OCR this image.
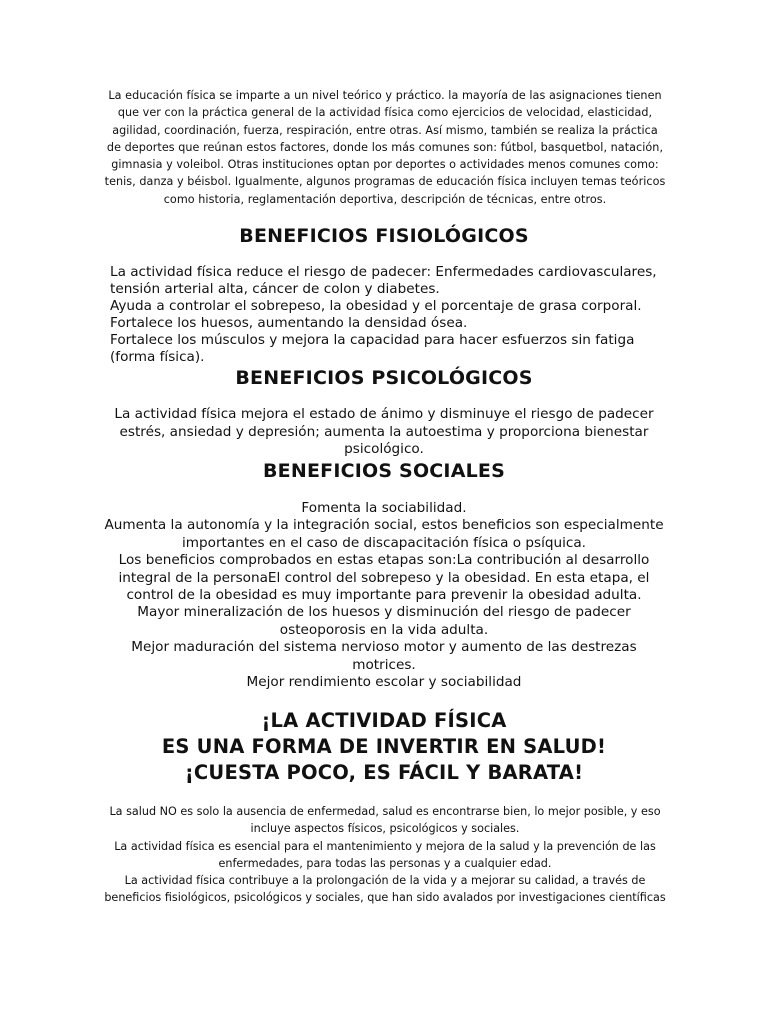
La educación física se imparte a un nivel teórico y práctico. la mayoría de las asignaciones tienen que ver con la práctica general de la actividad física como ejercicios de velocidad, elasticidad, agilidad, coordinación, fuerza, respiración, entre otras. Así mismo, también se realiza la práctica de deportes que reúnan estos factores, donde los más comunes son: fútbol, basquetbol, natación, gimnasia y voleibol. Otras instituciones optan por deportes o actividades menos comunes como: tenis, danza y béisbol. Igualmente, algunos programas de educación física incluyen temas teóricos como historia, reglamentación deportiva, descripción de técnicas, entre otros.

BENEFICIOS FISIOLÓGICOS

La actividad física reduce el riesgo de padecer: Enfermedades cardiovasculares, tensión arterial alta, cáncer de colon y diabetes.

Ayuda a controlar el sobrepeso, la obesidad y el porcentaje de grasa corporal.

Fortalece los huesos, aumentando la densidad ósea.

Fortalece los músculos y mejora la capacidad para hacer esfuerzos sin fatiga (forma física).

BENEFICIOS PSICOLÓGICOS

La actividad física mejora el estado de ánimo y disminuye el riesgo de padecer estrés, ansiedad y depresión; aumenta la autoestima y proporciona bienestar psicológico.

BENEFICIOS SOCIALES

Fomenta la sociabilidad.

Aumenta la autonomía y la integración social, estos beneficios son especialmente importantes en el caso de discapacitación física o psíquica.

Los beneficios comprobados en estas etapas son:La contribución al desarrollo integral de la personaEl control del sobrepeso y la obesidad. En esta etapa, el control de la obesidad es muy importante para prevenir la obesidad adulta.

Mayor mineralización de los huesos y disminución del riesgo de padecer osteoporosis en la vida adulta.

Mejor maduración del sistema nervioso motor y aumento de las destrezas motrices.

Mejor rendimiento escolar y sociabilidad

¡LA ACTIVIDAD FÍSICA

ES UNA FORMA DE INVERTIR EN SALUD!

¡CUESTA POCO, ES FÁCIL Y BARATA!

La salud NO es solo la ausencia de enfermedad, salud es encontrarse bien, lo mejor posible, y eso incluye aspectos físicos, psicológicos y sociales.

La actividad física es esencial para el mantenimiento y mejora de la salud y la prevención de las enfermedades, para todas las personas y a cualquier edad.

La actividad física contribuye a la prolongación de la vida y a mejorar su calidad, a través de beneficios fisiológicos, psicológicos y sociales, que han sido avalados por investigaciones científicas
